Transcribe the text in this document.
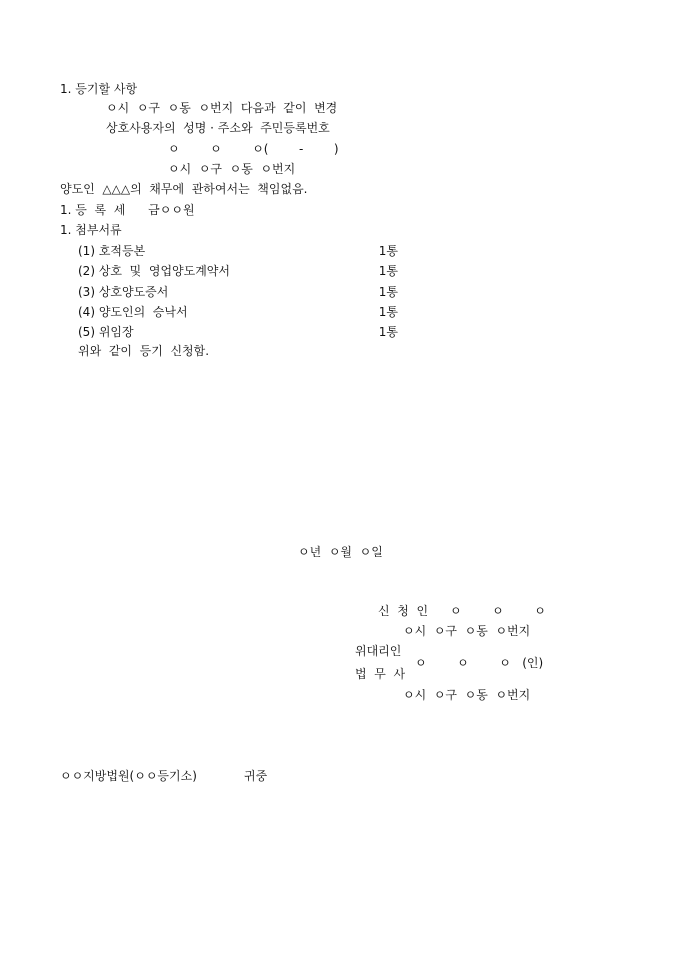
1. 등기할 사항
ㅇ시  ㅇ구  ㅇ동  ㅇ번지  다음과  같이  변경
상호사용자의  성명 · 주소와  주민등록번호
ㅇ        ㅇ        ㅇ(        -        )
ㅇ시  ㅇ구  ㅇ동  ㅇ번지
양도인  △△△의  채무에  관하여서는  책임없음.
1. 등  록  세      금ㅇㅇ원
1. 첨부서류
(1) 호적등본	1통
(2) 상호  및  영업양도계약서	1통
(3) 상호양도증서	1통
(4) 양도인의  승낙서	1통
(5) 위임장	1통
위와  같이  등기  신청함.
ㅇ년  ㅇ월  ㅇ일
신  청  인 ㅇ        ㅇ        ㅇ
ㅇ시  ㅇ구  ㅇ동  ㅇ번지
위대리인
법  무  사
ㅇ        ㅇ        ㅇ   (인)
ㅇ시  ㅇ구  ㅇ동  ㅇ번지
ㅇㅇ지방법원(ㅇㅇ등기소)	귀중
